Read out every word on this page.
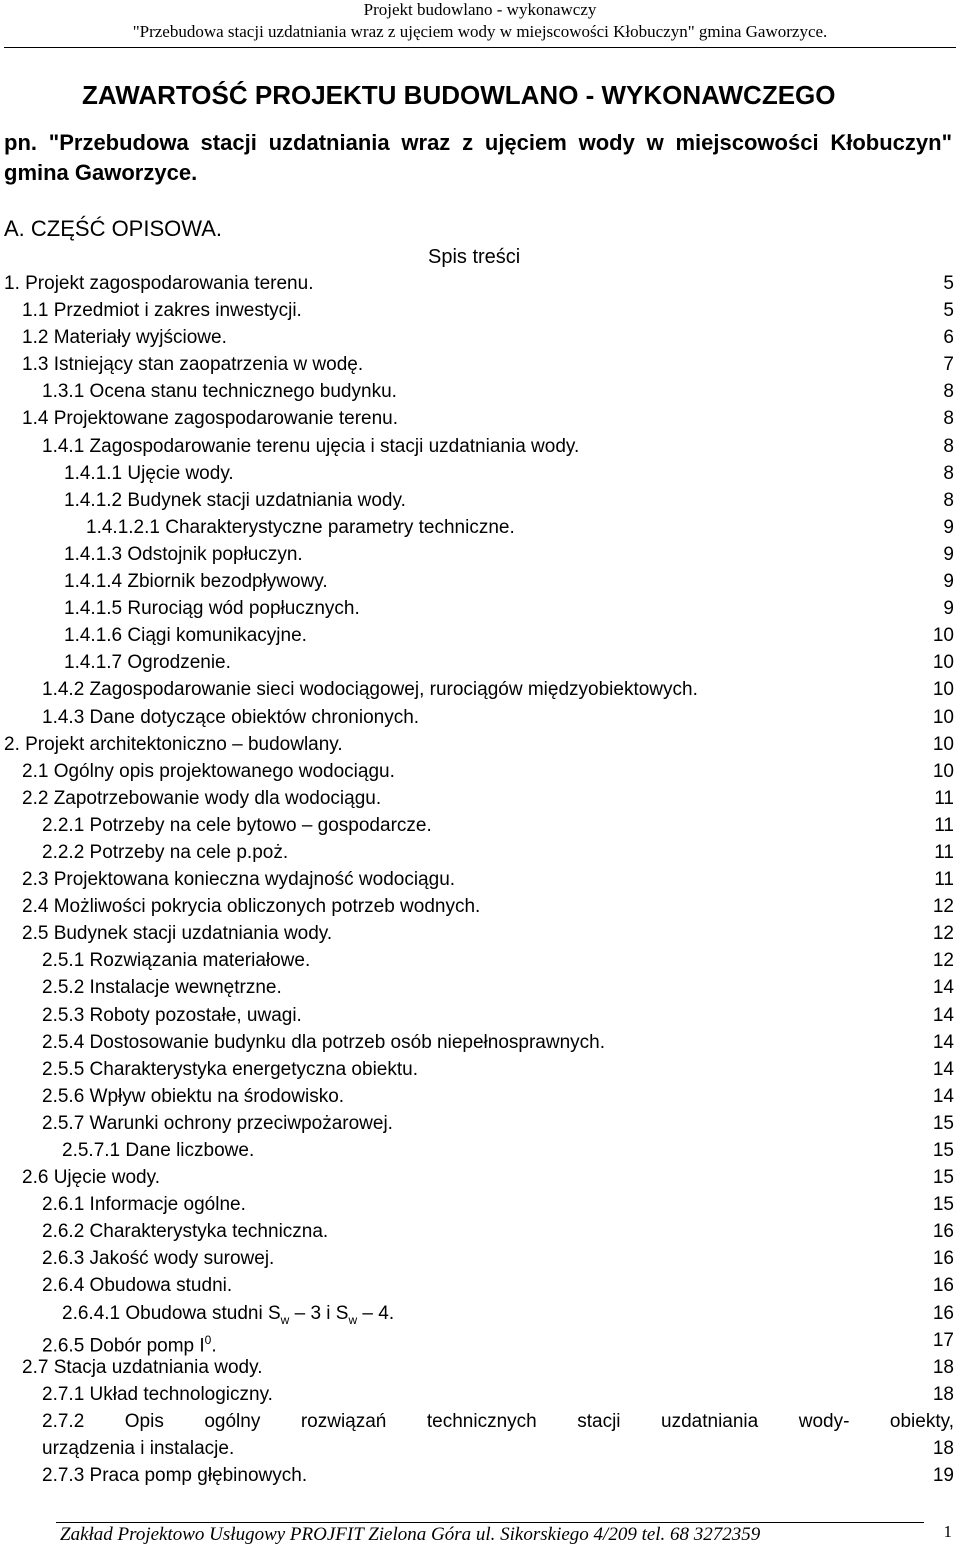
Projekt budowlano - wykonawczy
"Przebudowa stacji uzdatniania wraz z ujęciem wody w miejscowości Kłobuczyn" gmina Gaworzyce.
ZAWARTOŚĆ PROJEKTU BUDOWLANO - WYKONAWCZEGO
pn. "Przebudowa stacji uzdatniania wraz z ujęciem wody w miejscowości Kłobuczyn" gmina Gaworzyce.
A. CZĘŚĆ OPISOWA.
Spis treści
1. Projekt zagospodarowania terenu.	5
1.1 Przedmiot i zakres inwestycji.	5
1.2 Materiały wyjściowe.	6
1.3 Istniejący stan zaopatrzenia w wodę.	7
1.3.1 Ocena stanu technicznego budynku.	8
1.4 Projektowane zagospodarowanie terenu.	8
1.4.1 Zagospodarowanie terenu ujęcia i stacji uzdatniania wody.	8
1.4.1.1 Ujęcie wody.	8
1.4.1.2 Budynek stacji uzdatniania wody.	8
1.4.1.2.1 Charakterystyczne parametry techniczne.	9
1.4.1.3 Odstojnik popłuczyn.	9
1.4.1.4 Zbiornik bezodpływowy.	9
1.4.1.5 Rurociąg wód popłucznych.	9
1.4.1.6 Ciągi komunikacyjne.	10
1.4.1.7 Ogrodzenie.	10
1.4.2 Zagospodarowanie sieci wodociągowej, rurociągów międzyobiektowych.	10
1.4.3 Dane dotyczące obiektów chronionych.	10
2. Projekt architektoniczno – budowlany.	10
2.1 Ogólny opis projektowanego wodociągu.	10
2.2 Zapotrzebowanie wody dla wodociągu.	11
2.2.1 Potrzeby na cele bytowo – gospodarcze.	11
2.2.2 Potrzeby na cele p.poż.	11
2.3 Projektowana konieczna wydajność wodociągu.	11
2.4 Możliwości pokrycia obliczonych potrzeb wodnych.	12
2.5 Budynek stacji uzdatniania wody.	12
2.5.1 Rozwiązania materiałowe.	12
2.5.2 Instalacje wewnętrzne.	14
2.5.3 Roboty pozostałe, uwagi.	14
2.5.4 Dostosowanie budynku dla potrzeb osób niepełnosprawnych.	14
2.5.5 Charakterystyka energetyczna obiektu.	14
2.5.6 Wpływ obiektu na środowisko.	14
2.5.7 Warunki ochrony przeciwpożarowej.	15
2.5.7.1 Dane liczbowe.	15
2.6 Ujęcie wody.	15
2.6.1 Informacje ogólne.	15
2.6.2 Charakterystyka techniczna.	16
2.6.3 Jakość wody surowej.	16
2.6.4 Obudowa studni.	16
2.6.4.1 Obudowa studni $S_w - 3$ i $S_w - 4$.	16
2.6.5 Dobór pomp $I^0$.	17
2.7 Stacja uzdatniania wody.	18
2.7.1 Układ technologiczny.	18
2.7.2 Opis ogólny rozwiązań technicznych stacji uzdatniania wody- obiekty,
urządzenia i instalacje.	18
2.7.3 Praca pomp głębinowych.	19
Zakład Projektowo Usługowy PROJFIT Zielona Góra ul. Sikorskiego 4/209 tel. 68 3272359	1
